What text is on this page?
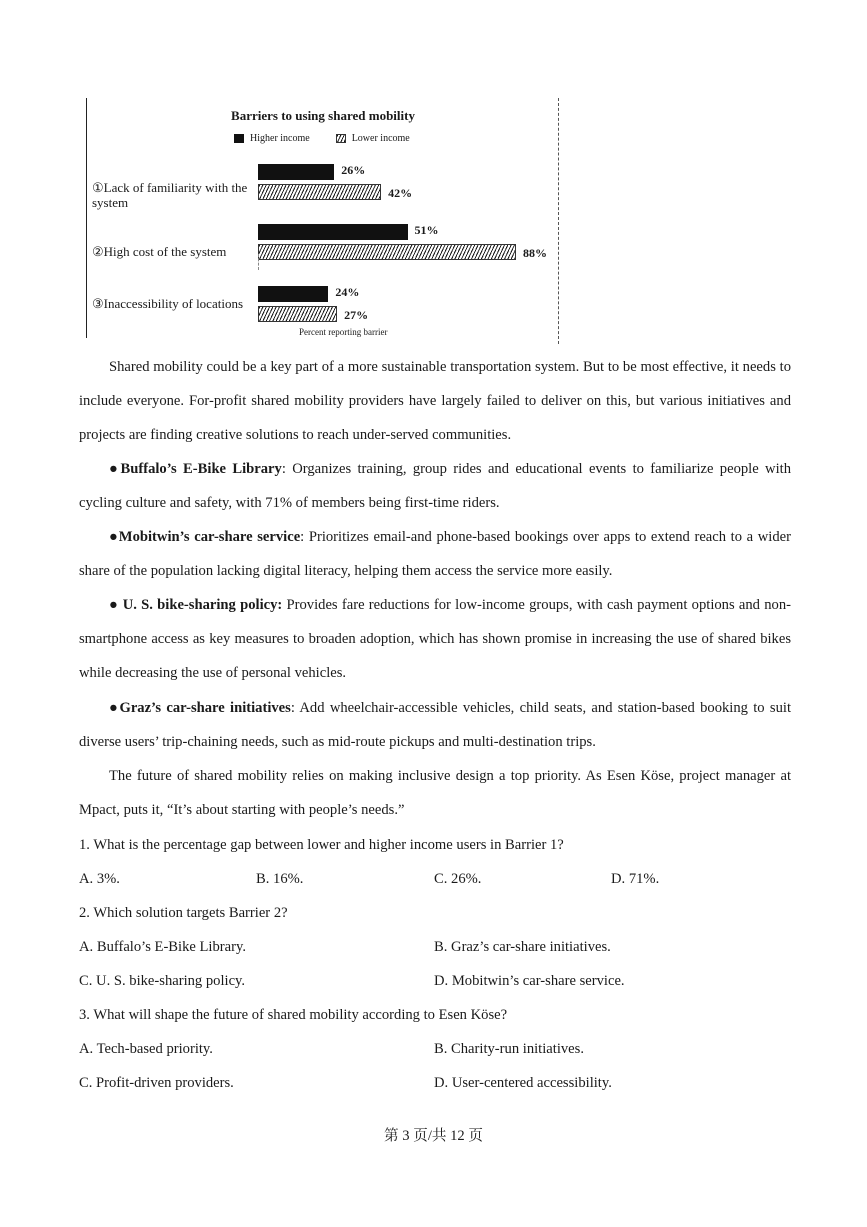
Barriers to using shared mobility
Higher income	Lower income
①Lack of familiarity with the system
②High cost of the system
③Inaccessibility of locations
26%
42%
51%
88%
24%
27%
Percent reporting barrier
Shared mobility could be a key part of a more sustainable transportation system. But to be most effective, it needs to include everyone. For-profit shared mobility providers have largely failed to deliver on this, but various initiatives and projects are finding creative solutions to reach under-served communities.
●Buffalo’s E-Bike Library: Organizes training, group rides and educational events to familiarize people with cycling culture and safety, with 71% of members being first-time riders.
●Mobitwin’s car-share service: Prioritizes email-and phone-based bookings over apps to extend reach to a wider share of the population lacking digital literacy, helping them access the service more easily.
● U. S. bike-sharing policy: Provides fare reductions for low-income groups, with cash payment options and non-smartphone access as key measures to broaden adoption, which has shown promise in increasing the use of shared bikes while decreasing the use of personal vehicles.
●Graz’s car-share initiatives: Add wheelchair-accessible vehicles, child seats, and station-based booking to suit diverse users’ trip-chaining needs, such as mid-route pickups and multi-destination trips.
The future of shared mobility relies on making inclusive design a top priority. As Esen Köse, project manager at Mpact, puts it, “It’s about starting with people’s needs.”
1. What is the percentage gap between lower and higher income users in Barrier 1?
A. 3%.	B. 16%.	C. 26%.	D. 71%.
2. Which solution targets Barrier 2?
A. Buffalo’s E-Bike Library.	B. Graz’s car-share initiatives.
C. U. S. bike-sharing policy.	D. Mobitwin’s car-share service.
3. What will shape the future of shared mobility according to Esen Köse?
A. Tech-based priority.	B. Charity-run initiatives.
C. Profit-driven providers.	D. User-centered accessibility.
第 3 页/共 12 页
